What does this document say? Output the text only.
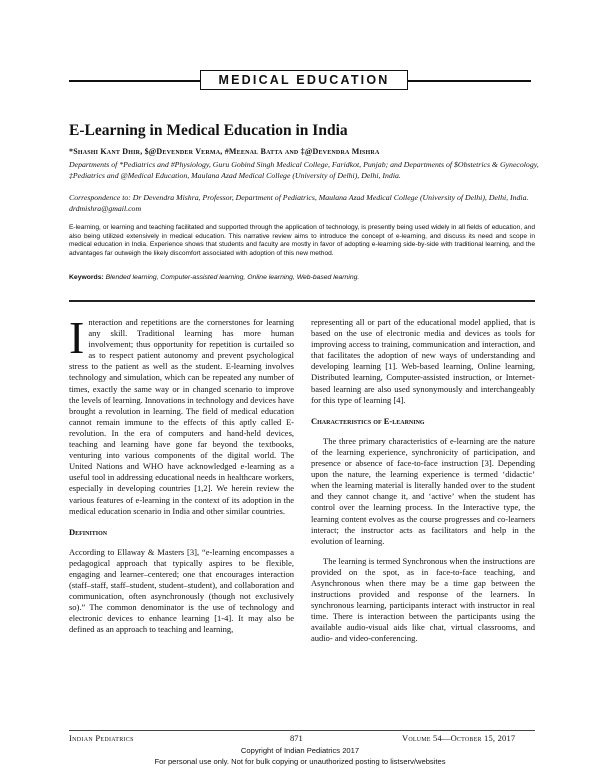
MEDICAL EDUCATION
E-Learning in Medical Education in India
*Shashi Kant Dhir, $@Devender Verma, #Meenal Batta and ‡@Devendra Mishra
Departments of *Pediatrics and #Physiology, Guru Gobind Singh Medical College, Faridkot, Punjab; and Departments of $Obstetrics & Gynecology, ‡Pediatrics and @Medical Education, Maulana Azad Medical College (University of Delhi), Delhi, India.
Correspondence to: Dr Devendra Mishra, Professor, Department of Pediatrics, Maulana Azad Medical College (University of Delhi), Delhi, India. drdmishra@gmail.com
E-learning, or learning and teaching facilitated and supported through the application of technology, is presently being used widely in all fields of education, and also being utilized extensively in medical education. This narrative review aims to introduce the concept of e-learning, and discuss its need and scope in medical education in India. Experience shows that students and faculty are mostly in favor of adopting e-learning side-by-side with traditional learning, and the advantages far outweigh the likely discomfort associated with adoption of this new method.
Keywords: Blended learning, Computer-assisted learning, Online learning, Web-based learning.

Interaction and repetitions are the cornerstones for learning any skill. Traditional learning has more human involvement; thus opportunity for repetition is curtailed so as to respect patient autonomy and prevent psychological stress to the patient as well as the student. E-learning involves technology and simulation, which can be repeated any number of times, exactly the same way or in changed scenario to improve the levels of learning. Innovations in technology and devices have brought a revolution in learning. The field of medical education cannot remain immune to the effects of this aptly called E-revolution. In the era of computers and hand-held devices, teaching and learning have gone far beyond the textbooks, venturing into various components of the digital world. The United Nations and WHO have acknowledged e-learning as a useful tool in addressing educational needs in healthcare workers, especially in developing countries [1,2]. We herein review the various features of e-learning in the context of its adoption in the medical education scenario in India and other similar countries.

Definition

According to Ellaway & Masters [3], “e-learning encompasses a pedagogical approach that typically aspires to be flexible, engaging and learner–centered; one that encourages interaction (staff–staff, staff–student, student–student), and collaboration and communication, often asynchronously (though not exclusively so).” The common denominator is the use of technology and electronic devices to enhance learning [1-4]. It may also be defined as an approach to teaching and learning,

representing all or part of the educational model applied, that is based on the use of electronic media and devices as tools for improving access to training, communication and interaction, and that facilitates the adoption of new ways of understanding and developing learning [1]. Web-based learning, Online learning, Distributed learning, Computer-assisted instruction, or Internet-based learning are also used synonymously and interchangeably for this type of learning [4].

Characteristics of E-learning

The three primary characteristics of e-learning are the nature of the learning experience, synchronicity of participation, and presence or absence of face-to-face instruction [3]. Depending upon the nature, the learning experience is termed ‘didactic’ when the learning material is literally handed over to the student and they cannot change it, and ‘active’ when the student has control over the learning process. In the Interactive type, the learning content evolves as the course progresses and co-learners interact; the instructor acts as facilitators and help in the evolution of learning.

The learning is termed Synchronous when the instructions are provided on the spot, as in face-to-face teaching, and Asynchronous when there may be a time gap between the instructions provided and response of the learners. In synchronous learning, participants interact with instructor in real time. There is interaction between the participants using the available audio-visual aids like chat, virtual classrooms, and audio- and video-conferencing.

Indian Pediatrics	871	Volume 54—October 15, 2017
Copyright of Indian Pediatrics 2017
For personal use only. Not for bulk copying or unauthorized posting to listserv/websites
